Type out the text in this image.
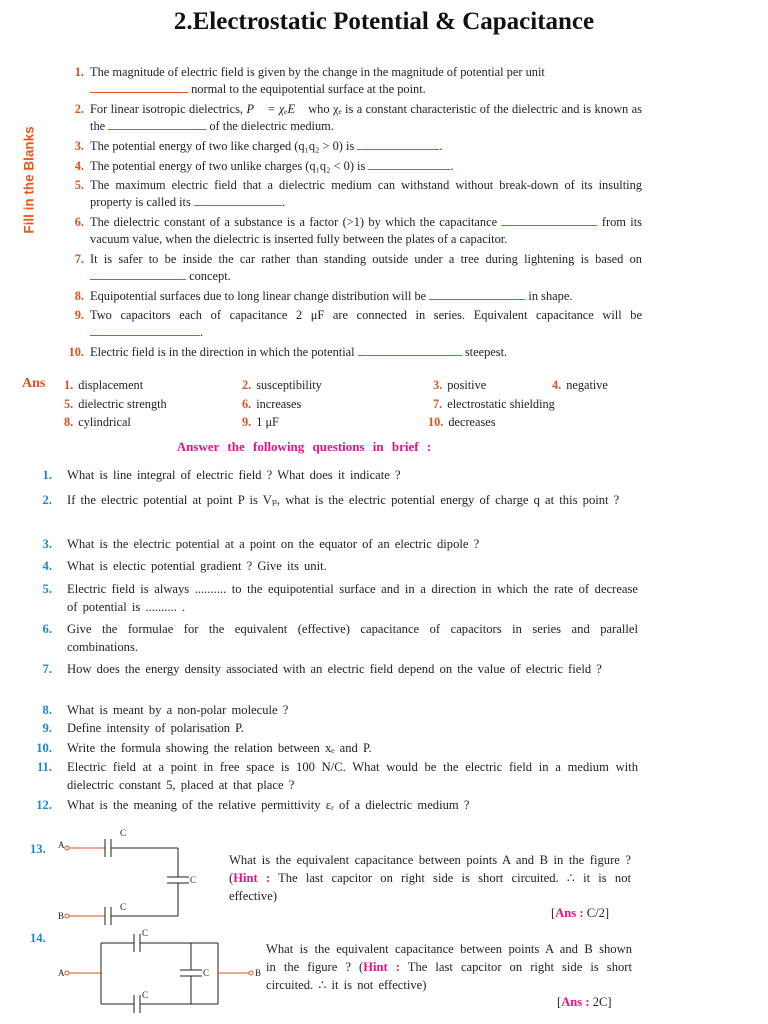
2.Electrostatic Potential & Capacitance
Fill in the Blanks
1. The magnitude of electric field is given by the change in the magnitude of potential per unit
normal to the equipotential surface at the point.
2. For linear isotropic dielectrics, P⃗ = χₑE⃗ who χₑ is a constant characteristic of the dielectric and is known as the	of the dielectric medium.
3. The potential energy of two like charged (q₁q₂ > 0) is	.
4. The potential energy of two unlike charges (q₁q₂ < 0) is	.
5. The maximum electric field that a dielectric medium can withstand without break-down of its insulting property is called its	.
6. The dielectric constant of a substance is a factor (>1) by which the capacitance	from its vacuum value, when the dielectric is inserted fully between the plates of a capacitor.
7. It is safer to be inside the car rather than standing outside under a tree during lightening is based on  concept.
8. Equipotential surfaces due to long linear change distribution will be	in shape.
9. Two capacitors each of capacitance 2 μF are connected in series. Equivalent capacitance will be .
10. Electric field is in the direction in which the potential	steepest.
Ans 1. displacement	2. susceptibility	3. positive	4. negative
5. dielectric strength	6. increases	7. electrostatic shielding
8. cylindrical	9. 1 μF	10. decreases
Answer the following questions in brief :
1. What is line integral of electric field ? What does it indicate ?
2. If the electric potential at point P is Vₚ, what is the electric potential energy of charge q at this point ?
3. What is the electric potential at a point on the equator of an electric dipole ?
4. What is electic potential gradient ? Give its unit.
5. Electric field is always .......... to the equipotential surface and in a direction in which the rate of decrease of potential is .......... .
6. Give the formulae for the equivalent (effective) capacitance of capacitors in series and parallel combinations.
7. How does the energy density associated with an electric field depend on the value of electric field ?
8. What is meant by a non-polar molecule ?
9. Define intensity of polarisation P.
10. Write the formula showing the relation between xₑ and P.
11. Electric field at a point in free space is 100 N/C. What would be the electric field in a medium with dielectric constant 5, placed at that place ?
12. What is the meaning of the relative permittivity εᵣ of a dielectric medium ?
13. A
B
C
C
C
What is the equivalent capacitance between points A and B in the figure ? (Hint : The last capcitor on right side is short circuited. ∴ it is not effective)
[Ans : C/2]
14.
A	B
C
C
C
What is the equivalent capacitance between points A and B shown in the figure ? (Hint : The last capcitor on right side is short circuited. ∴ it is not effective)
[Ans : 2C]
